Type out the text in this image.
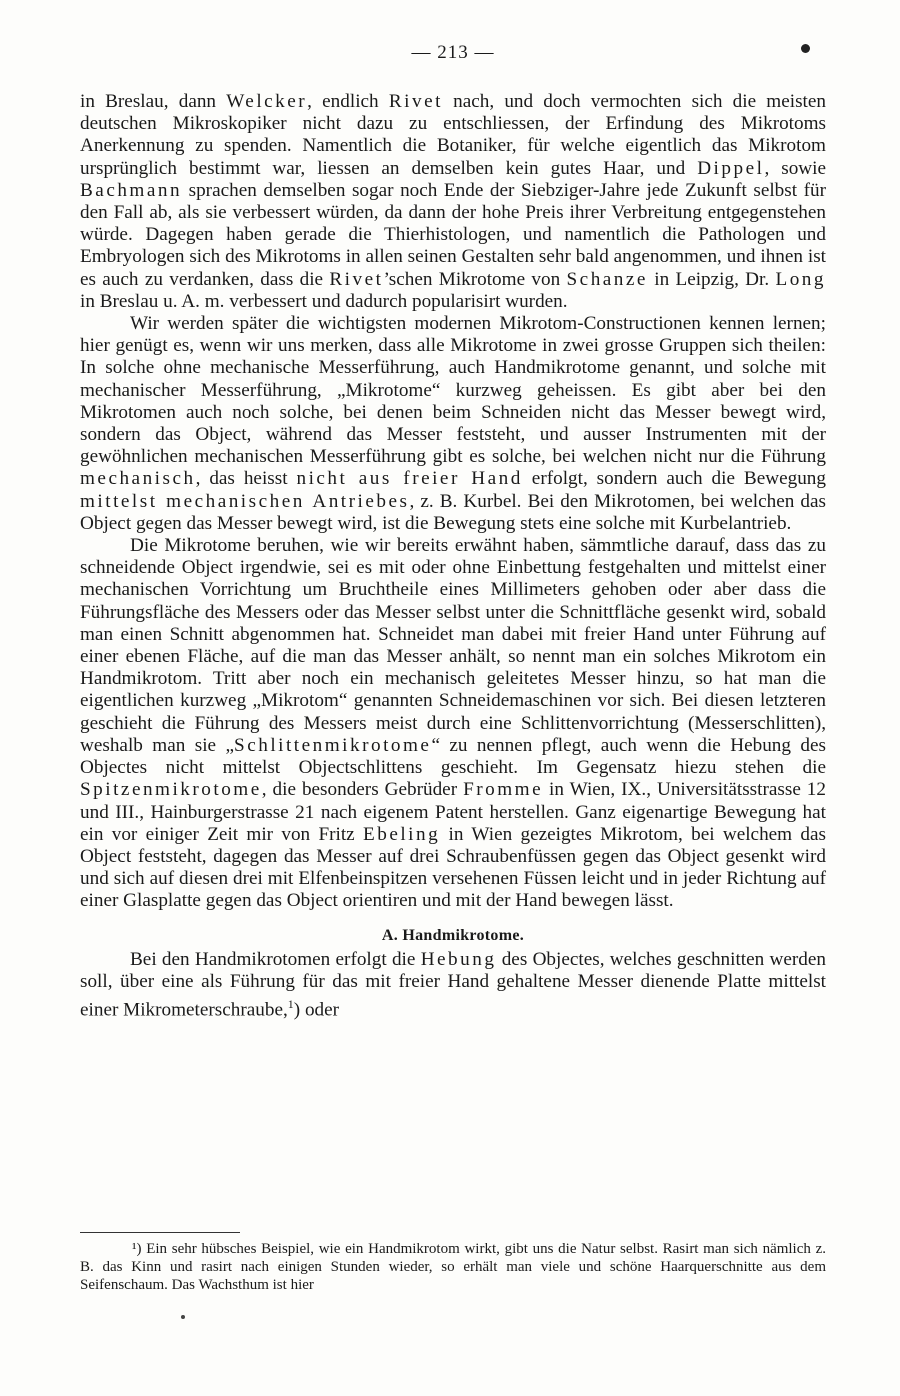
— 213 —

in Breslau, dann Welcker, endlich Rivet nach, und doch vermochten sich die meisten deutschen Mikroskopiker nicht dazu zu entschliessen, der Erfindung des Mikrotoms Anerkennung zu spenden. Namentlich die Botaniker, für welche eigentlich das Mikrotom ursprünglich bestimmt war, liessen an demselben kein gutes Haar, und Dippel, sowie Bachmann sprachen demselben sogar noch Ende der Siebziger-Jahre jede Zukunft selbst für den Fall ab, als sie verbessert würden, da dann der hohe Preis ihrer Verbreitung entgegenstehen würde. Dagegen haben gerade die Thierhistologen, und namentlich die Pathologen und Embryologen sich des Mikrotoms in allen seinen Gestalten sehr bald angenommen, und ihnen ist es auch zu verdanken, dass die Rivet’schen Mikrotome von Schanze in Leipzig, Dr. Long in Breslau u. A. m. verbessert und dadurch popularisirt wurden.

Wir werden später die wichtigsten modernen Mikrotom-Constructionen kennen lernen; hier genügt es, wenn wir uns merken, dass alle Mikrotome in zwei grosse Gruppen sich theilen: In solche ohne mechanische Messerführung, auch Handmikrotome genannt, und solche mit mechanischer Messerführung, „Mikrotome“ kurzweg geheissen. Es gibt aber bei den Mikrotomen auch noch solche, bei denen beim Schneiden nicht das Messer bewegt wird, sondern das Object, während das Messer feststeht, und ausser Instrumenten mit der gewöhnlichen mechanischen Messerführung gibt es solche, bei welchen nicht nur die Führung mechanisch, das heisst nicht aus freier Hand erfolgt, sondern auch die Bewegung mittelst mechanischen Antriebes, z. B. Kurbel. Bei den Mikrotomen, bei welchen das Object gegen das Messer bewegt wird, ist die Bewegung stets eine solche mit Kurbelantrieb.

Die Mikrotome beruhen, wie wir bereits erwähnt haben, sämmtliche darauf, dass das zu schneidende Object irgendwie, sei es mit oder ohne Einbettung festgehalten und mittelst einer mechanischen Vorrichtung um Bruchtheile eines Millimeters gehoben oder aber dass die Führungsfläche des Messers oder das Messer selbst unter die Schnittfläche gesenkt wird, sobald man einen Schnitt abgenommen hat. Schneidet man dabei mit freier Hand unter Führung auf einer ebenen Fläche, auf die man das Messer anhält, so nennt man ein solches Mikrotom ein Handmikrotom. Tritt aber noch ein mechanisch geleitetes Messer hinzu, so hat man die eigentlichen kurzweg „Mikrotom“ genannten Schneidemaschinen vor sich. Bei diesen letzteren geschieht die Führung des Messers meist durch eine Schlittenvorrichtung (Messerschlitten), weshalb man sie „Schlittenmikrotome“ zu nennen pflegt, auch wenn die Hebung des Objectes nicht mittelst Objectschlittens geschieht. Im Gegensatz hiezu stehen die Spitzenmikrotome, die besonders Gebrüder Fromme in Wien, IX., Universitätsstrasse 12 und III., Hainburgerstrasse 21 nach eigenem Patent herstellen. Ganz eigenartige Bewegung hat ein vor einiger Zeit mir von Fritz Ebeling in Wien gezeigtes Mikrotom, bei welchem das Object feststeht, dagegen das Messer auf drei Schraubenfüssen gegen das Object gesenkt wird und sich auf diesen drei mit Elfenbeinspitzen versehenen Füssen leicht und in jeder Richtung auf einer Glasplatte gegen das Object orientiren und mit der Hand bewegen lässt.

A. Handmikrotome.

Bei den Handmikrotomen erfolgt die Hebung des Objectes, welches geschnitten werden soll, über eine als Führung für das mit freier Hand gehaltene Messer dienende Platte mittelst einer Mikrometerschraube,$^1$) oder

¹) Ein sehr hübsches Beispiel, wie ein Handmikrotom wirkt, gibt uns die Natur selbst. Rasirt man sich nämlich z. B. das Kinn und rasirt nach einigen Stunden wieder, so erhält man viele und schöne Haarquerschnitte aus dem Seifenschaum. Das Wachsthum ist hier
